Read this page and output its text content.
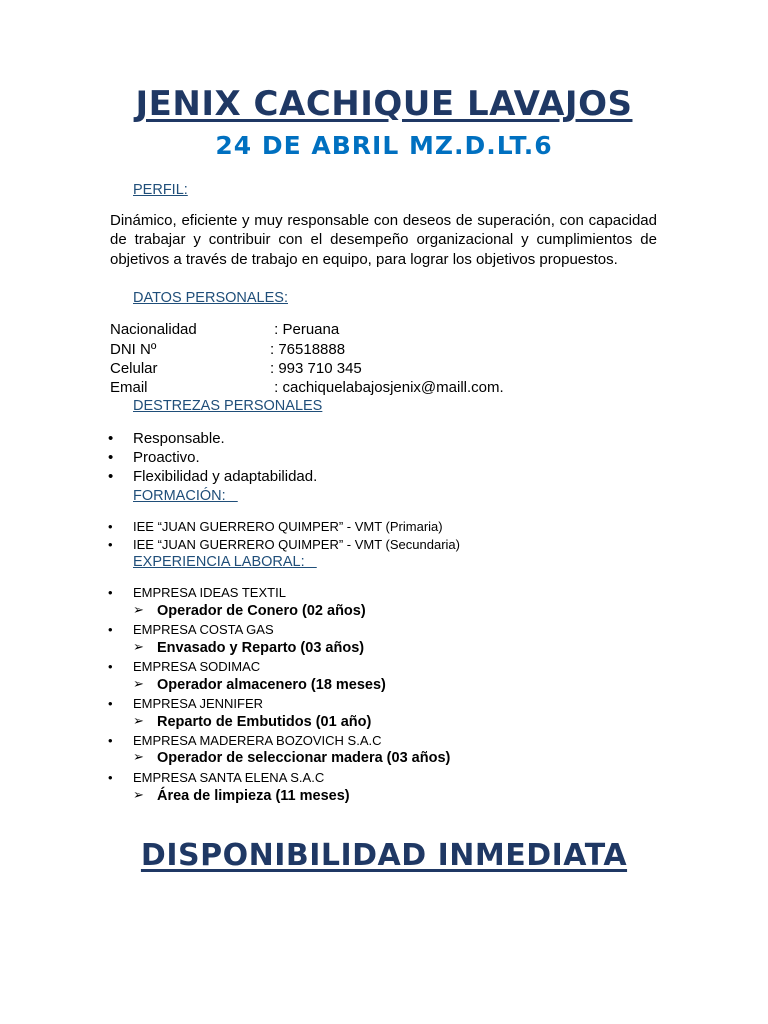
JENIX CACHIQUE LAVAJOS
24 DE ABRIL MZ.D.LT.6
PERFIL:
Dinámico, eficiente y muy responsable con deseos de superación, con capacidad de trabajar y contribuir con el desempeño organizacional y cumplimientos de objetivos a través de trabajo en equipo, para lograr los objetivos propuestos.
DATOS PERSONALES:
Nacionalidad	: Peruana
DNI Nº	: 76518888
Celular	: 993 710 345
Email	: cachiquelabajosjenix@maill.com.
DESTREZAS PERSONALES
• Responsable.
• Proactivo.
• Flexibilidad y adaptabilidad.
FORMACIÓN:
• IEE “JUAN GUERRERO QUIMPER” - VMT (Primaria)
• IEE “JUAN GUERRERO QUIMPER” - VMT (Secundaria)
EXPERIENCIA LABORAL:
• EMPRESA IDEAS TEXTIL
➢ Operador de Conero (02 años)
• EMPRESA COSTA GAS
➢ Envasado y Reparto (03 años)
• EMPRESA SODIMAC
➢ Operador almacenero (18 meses)
• EMPRESA JENNIFER
➢ Reparto de Embutidos (01 año)
• EMPRESA MADERERA BOZOVICH S.A.C
➢ Operador de seleccionar madera (03 años)
• EMPRESA SANTA ELENA S.A.C
➢ Área de limpieza (11 meses)
DISPONIBILIDAD INMEDIATA
